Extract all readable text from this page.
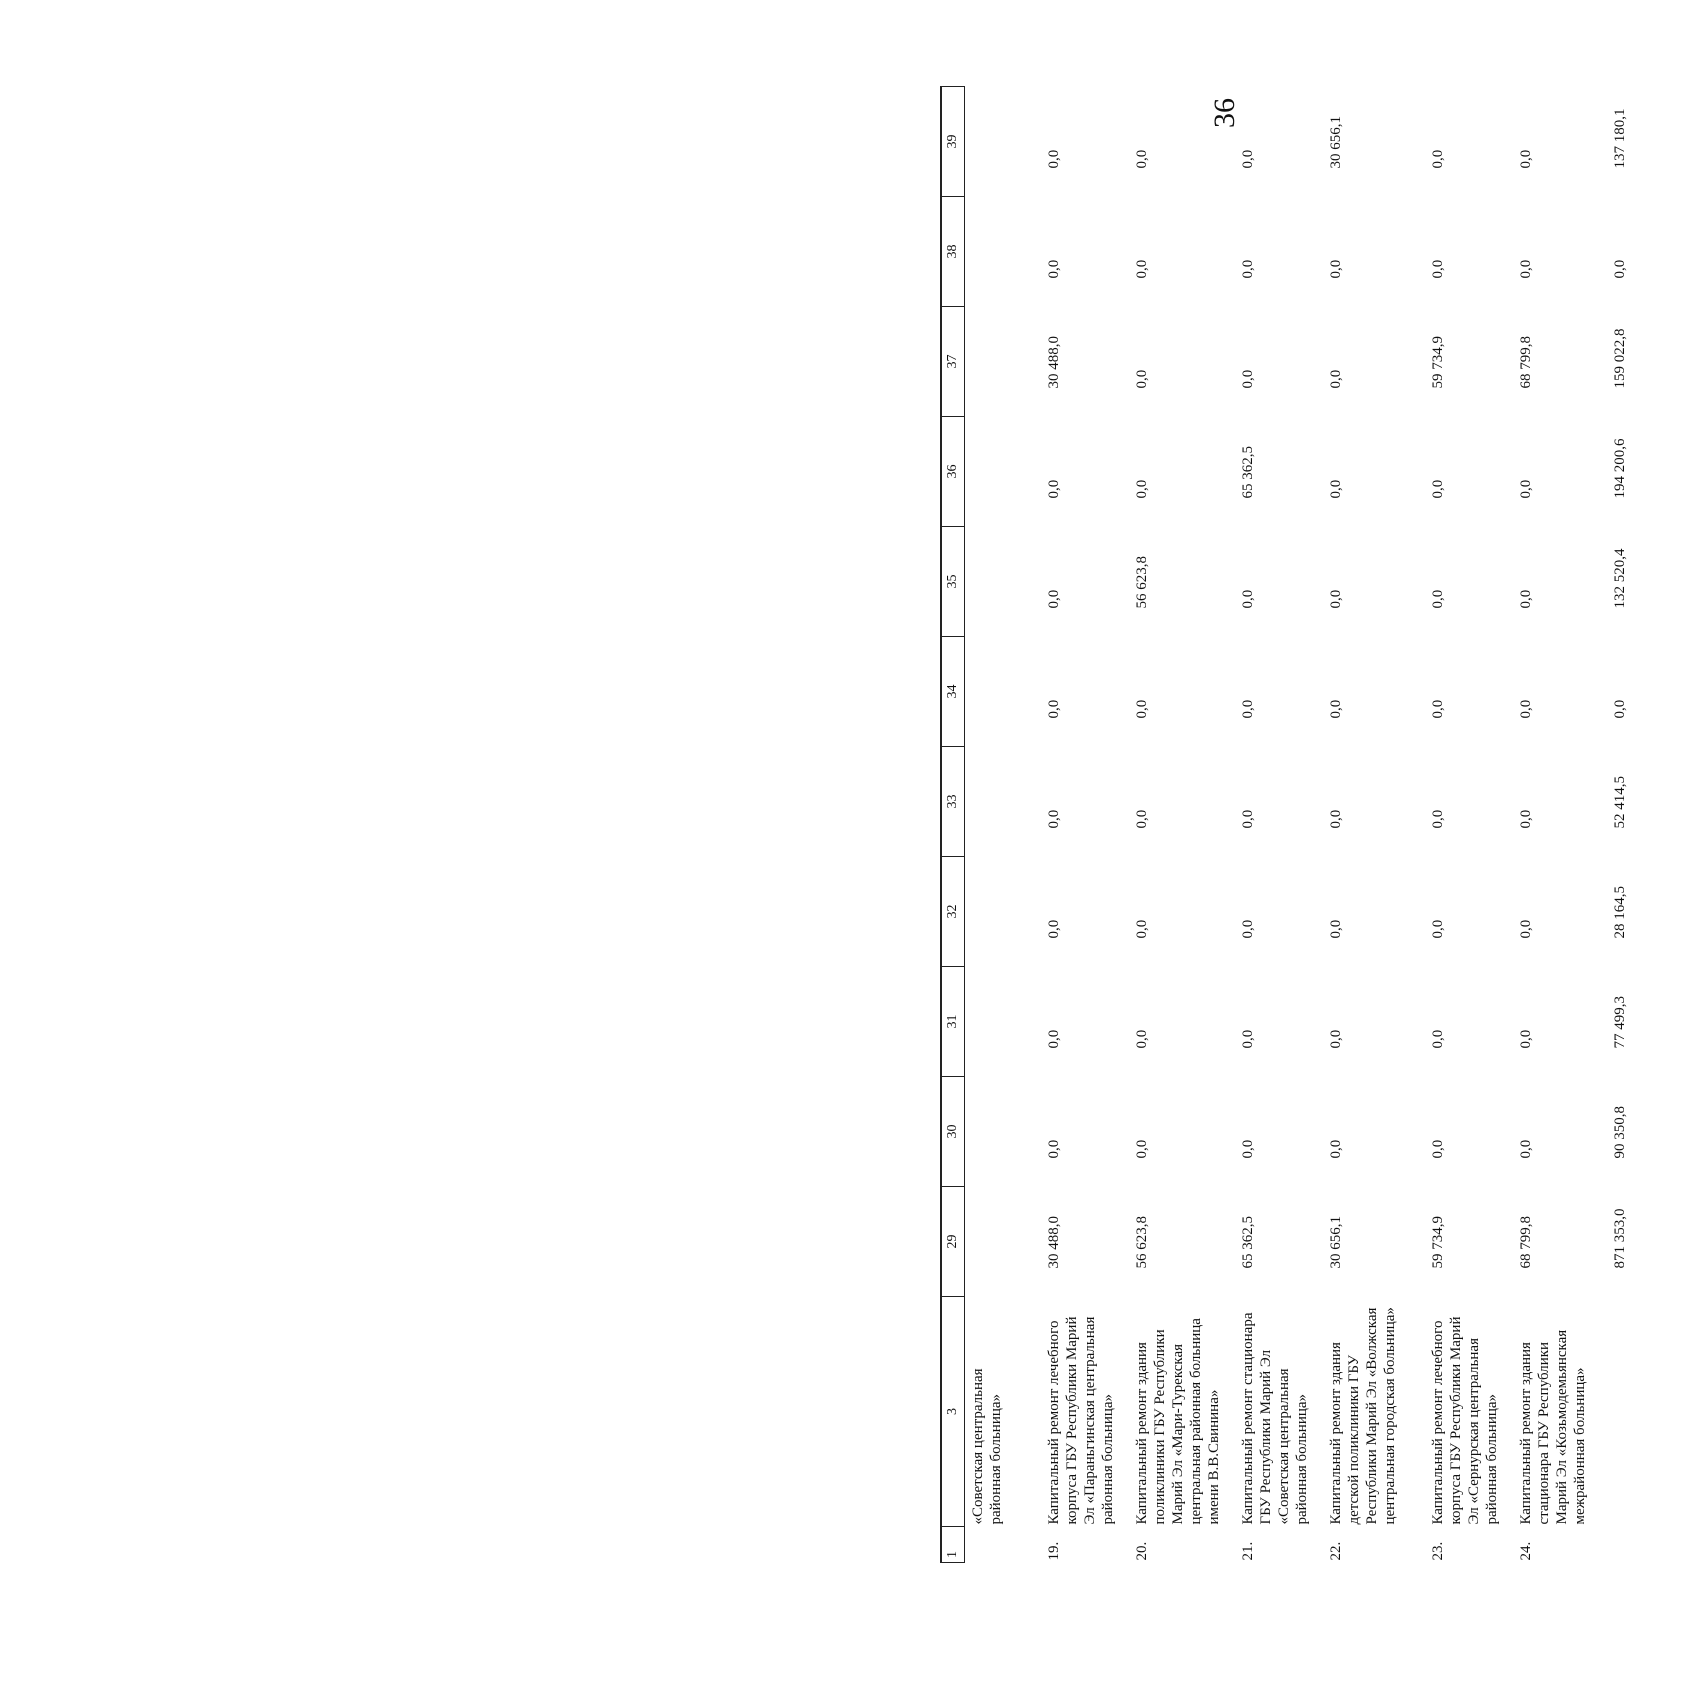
36
1	3	29	30	31	32	33	34	35	36	37	38	39
	«Советская центральная районная больница»											
19.	Капитальный ремонт лечебного корпуса ГБУ Республики Марий Эл «Параньгинская центральная районная больница»	30 488,0	0,0	0,0	0,0	0,0	0,0	0,0	0,0	30 488,0	0,0	0,0
20.	Капитальный ремонт здания поликлиники ГБУ Республики Марий Эл «Мари-Турекская центральная районная больница имени В.В.Свинина»	56 623,8	0,0	0,0	0,0	0,0	0,0	56 623,8	0,0	0,0	0,0	0,0
21.	Капитальный ремонт стационара ГБУ Республики Марий Эл «Советская центральная районная больница»	65 362,5	0,0	0,0	0,0	0,0	0,0	0,0	65 362,5	0,0	0,0	0,0
22.	Капитальный ремонт здания детской поликлиники ГБУ Республики Марий Эл «Волжская центральная городская больница»	30 656,1	0,0	0,0	0,0	0,0	0,0	0,0	0,0	0,0	0,0	30 656,1
23.	Капитальный ремонт лечебного корпуса ГБУ Республики Марий Эл «Сернурская центральная районная больница»	59 734,9	0,0	0,0	0,0	0,0	0,0	0,0	0,0	59 734,9	0,0	0,0
24.	Капитальный ремонт здания стационара ГБУ Республики Марий Эл «Козьмодемьянская межрайонная больница»	68 799,8	0,0	0,0	0,0	0,0	0,0	0,0	0,0	68 799,8	0,0	0,0
		871 353,0	90 350,8	77 499,3	28 164,5	52 414,5	0,0	132 520,4	194 200,6	159 022,8	0,0	137 180,1
